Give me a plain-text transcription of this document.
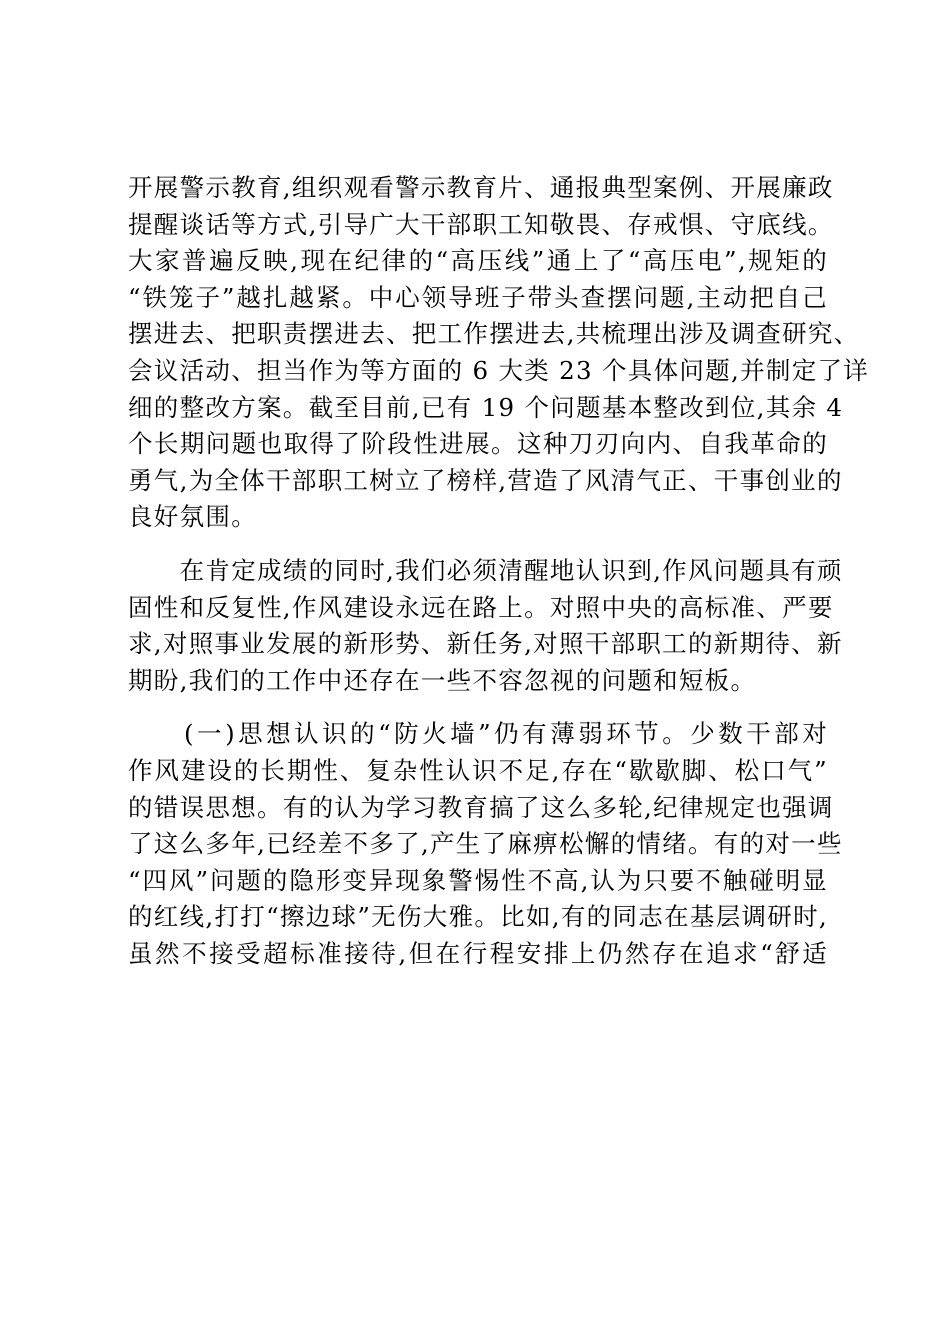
开展警示教育,组织观看警示教育片、通报典型案例、开展廉政
提醒谈话等方式,引导广大干部职工知敬畏、存戒惧、守底线。
大家普遍反映,现在纪律的“高压线”通上了“高压电”,规矩的
“铁笼子”越扎越紧。中心领导班子带头查摆问题,主动把自己
摆进去、把职责摆进去、把工作摆进去,共梳理出涉及调查研究、
会议活动、担当作为等方面的 6 大类 23 个具体问题,并制定了详
细的整改方案。截至目前,已有 19 个问题基本整改到位,其余 4
个长期问题也取得了阶段性进展。这种刀刃向内、自我革命的
勇气,为全体干部职工树立了榜样,营造了风清气正、干事创业的
良好氛围。
　　在肯定成绩的同时,我们必须清醒地认识到,作风问题具有顽
固性和反复性,作风建设永远在路上。对照中央的高标准、严要
求,对照事业发展的新形势、新任务,对照干部职工的新期待、新
期盼,我们的工作中还存在一些不容忽视的问题和短板。
　　(一)思想认识的“防火墙”仍有薄弱环节。少数干部对
作风建设的长期性、复杂性认识不足,存在“歇歇脚、松口气”
的错误思想。有的认为学习教育搞了这么多轮,纪律规定也强调
了这么多年,已经差不多了,产生了麻痹松懈的情绪。有的对一些
“四风”问题的隐形变异现象警惕性不高,认为只要不触碰明显
的红线,打打“擦边球”无伤大雅。比如,有的同志在基层调研时,
虽然不接受超标准接待,但在行程安排上仍然存在追求“舒适
